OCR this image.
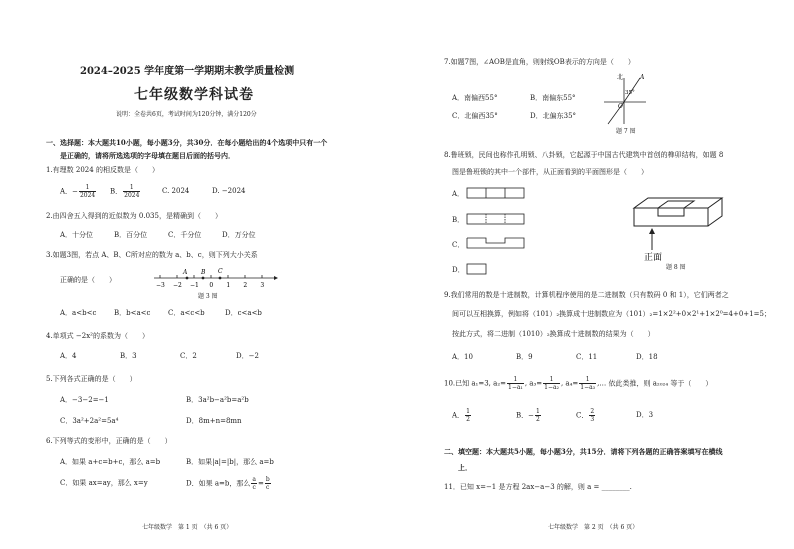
2024–2025 学年度第一学期期末教学质量检测
七年级数学科试卷
说明：全卷共6页，考试时间为120分钟，满分120分
一、选择题：本大题共10小题，每小题3分，共30分．在每小题给出的4个选项中只有一个
是正确的，请将所选选项的字母填在题目后面的括号内．
1.有理数 2024 的相反数是（　　）
A．− $\frac{1}{2024}$ B． $\frac{1}{2024}$	C. 2024	D. −2024
2.由四舍五入得到的近似数为 0.035，是精确到（　　）
A．十分位	B．百分位	C．千分位	D．万分位
3.如题3图，若点 A、B、C所对应的数为 a、b、c，则下列大小关系
正确的是（　　）
−3 −2 −1 0 1 2 3
A B C
题 3 图
A．a<b<c	B．b<a<c	C．a<c<b	D．c<a<b
4.单项式 −2x²的系数为（　　）
A．4	B．3	C．2	D．−2
5.下列各式正确的是（　　）
A．−3−2=−1	B．3a²b−a²b=a²b
C．3a²+2a²=5a⁴	D．8m+n=8mn
6.下列等式的变形中，正确的是（　　）
A．如果 a+c=b+c，那么 a=b	B．如果|a|=|b|，那么 a=b
C．如果 ax=ay，那么 x=y	D．如果 a=b，那么 $\frac{a}{c} = \frac{b}{c}$
七年级数学　第 1 页　（共 6 页）
7.如题7图，∠AOB是直角，则射线OB表示的方向是（　　）
A．南偏西55°	B．南偏东55°
C．北偏西35°	D．北偏东35°
北	A
35°
O
题 7 图
8.鲁班锁，民间也称作孔明锁、八卦锁，它起源于中国古代建筑中首创的榫卯结构，如题 8
图是鲁班锁的其中一个部件，从正面看到的平面图形是（　　）
A．
B．
C．
D．
正面
题 8 图
9.我们常用的数是十进制数，计算机程序使用的是二进制数（只有数码 0 和 1），它们两者之
间可以互相换算，例如将（101）₂换算成十进制数应为（101）₂=1×2²+0×2¹+1×2⁰=4+0+1=5；
按此方式，将二进制（1010）₂换算成十进制数的结果为（　　）
A．10	B．9	C．11	D．18
10.已知 a₁=3, $a_2= \frac{1}{\text{1−a₁}}$ , $a_3= \frac{1}{\text{1−a₂}}$ , $a_4= \frac{1}{\text{1−a₃}}$ ,… 依此类推，则 a₂₀₂₄ 等于（　　）
A． $\frac{1}{2}$	B．− $\frac{1}{2}$	C． $\frac{2}{3}$	D．3
二、填空题：本大题共5小题，每小题3分，共15分．请将下列各题的正确答案填写在横线
上．
11．已知 x=−1 是方程 2ax−a−3 的解，则 a = ________.
七年级数学　第 2 页　（共 6 页）
